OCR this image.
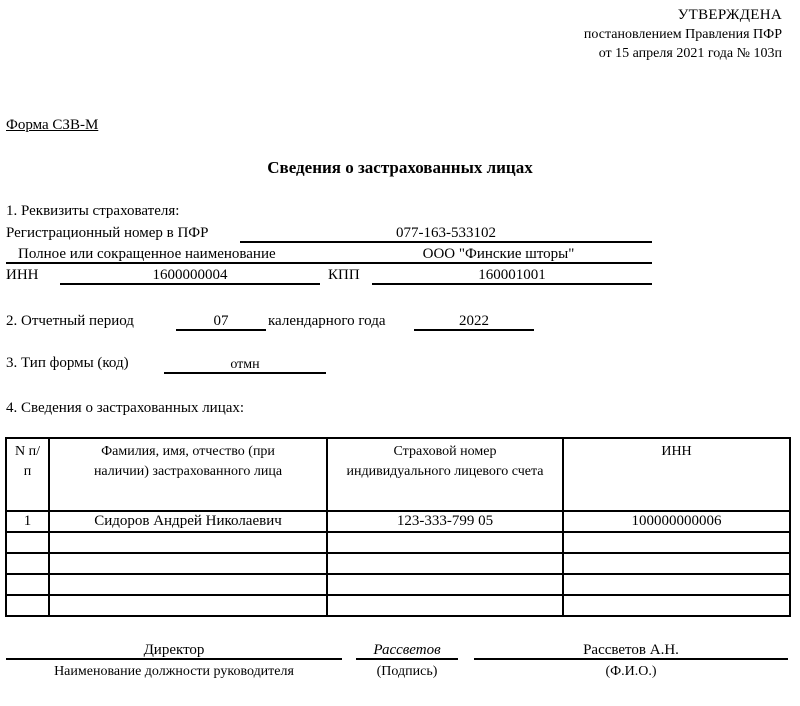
УТВЕРЖДЕНА
постановлением Правления ПФР
от 15 апреля 2021 года № 103п
Форма СЗВ-М
Сведения о застрахованных лицах
1. Реквизиты страхователя:
Регистрационный номер в ПФР	077-163-533102
Полное или сокращенное наименование	ООО "Финские шторы"
ИНН	1600000004	КПП	160001001
2. Отчетный период	07	календарного года	2022
3. Тип формы (код)	отмн
4. Сведения о застрахованных лицах:
N п/п	Фамилия, имя, отчество (при наличии) застрахованного лица	Страховой номер индивидуального лицевого счета	ИНН
1	Сидоров Андрей Николаевич	123-333-799 05	100000000006

Директор
Наименование должности руководителя
Рассветов
(Подпись)
Рассветов А.Н.
(Ф.И.О.)
